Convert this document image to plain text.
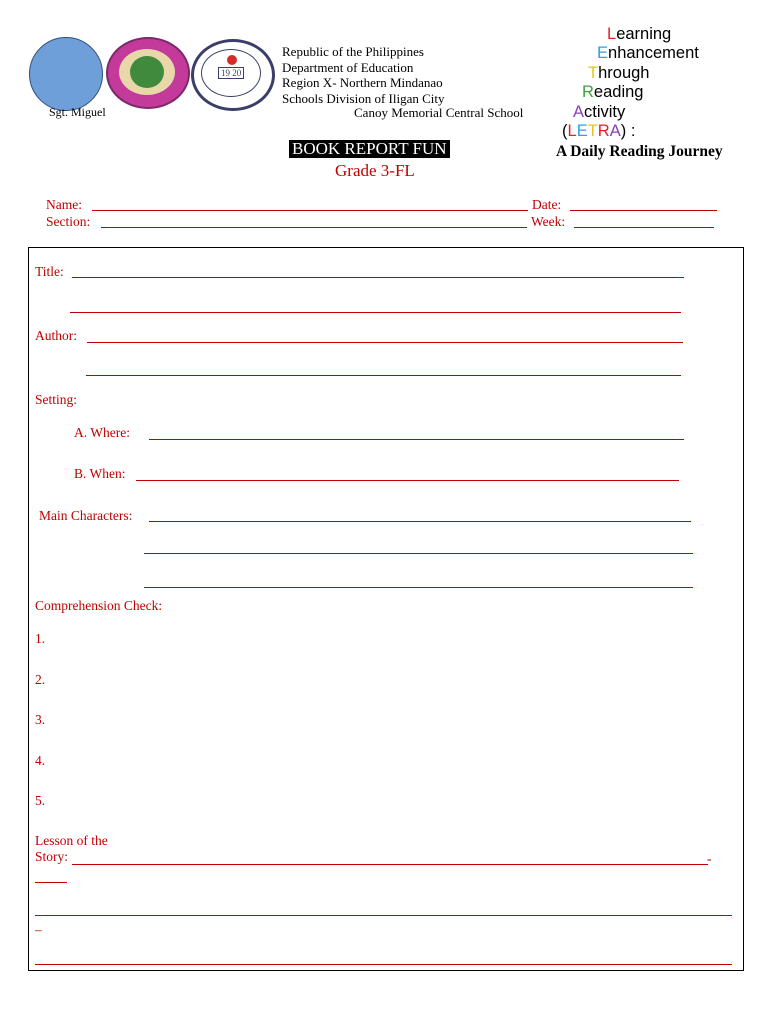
Sgt. Miguel
19 20
Republic of the Philippines
Department of Education
Region X- Northern Mindanao
Schools Division of Iligan City
Canoy Memorial Central School
Learning
Enhancement
Through
Reading
Activity
(LETRA) :
A Daily Reading Journey
BOOK REPORT FUN
Grade 3-FL
Name:	Date:
Section:	Week:
Title:
Author:
Setting:
A. Where:
B. When:
Main Characters:
Comprehension Check:
1.
2.
3.
4.
5.
Lesson of the
Story:	-
–
